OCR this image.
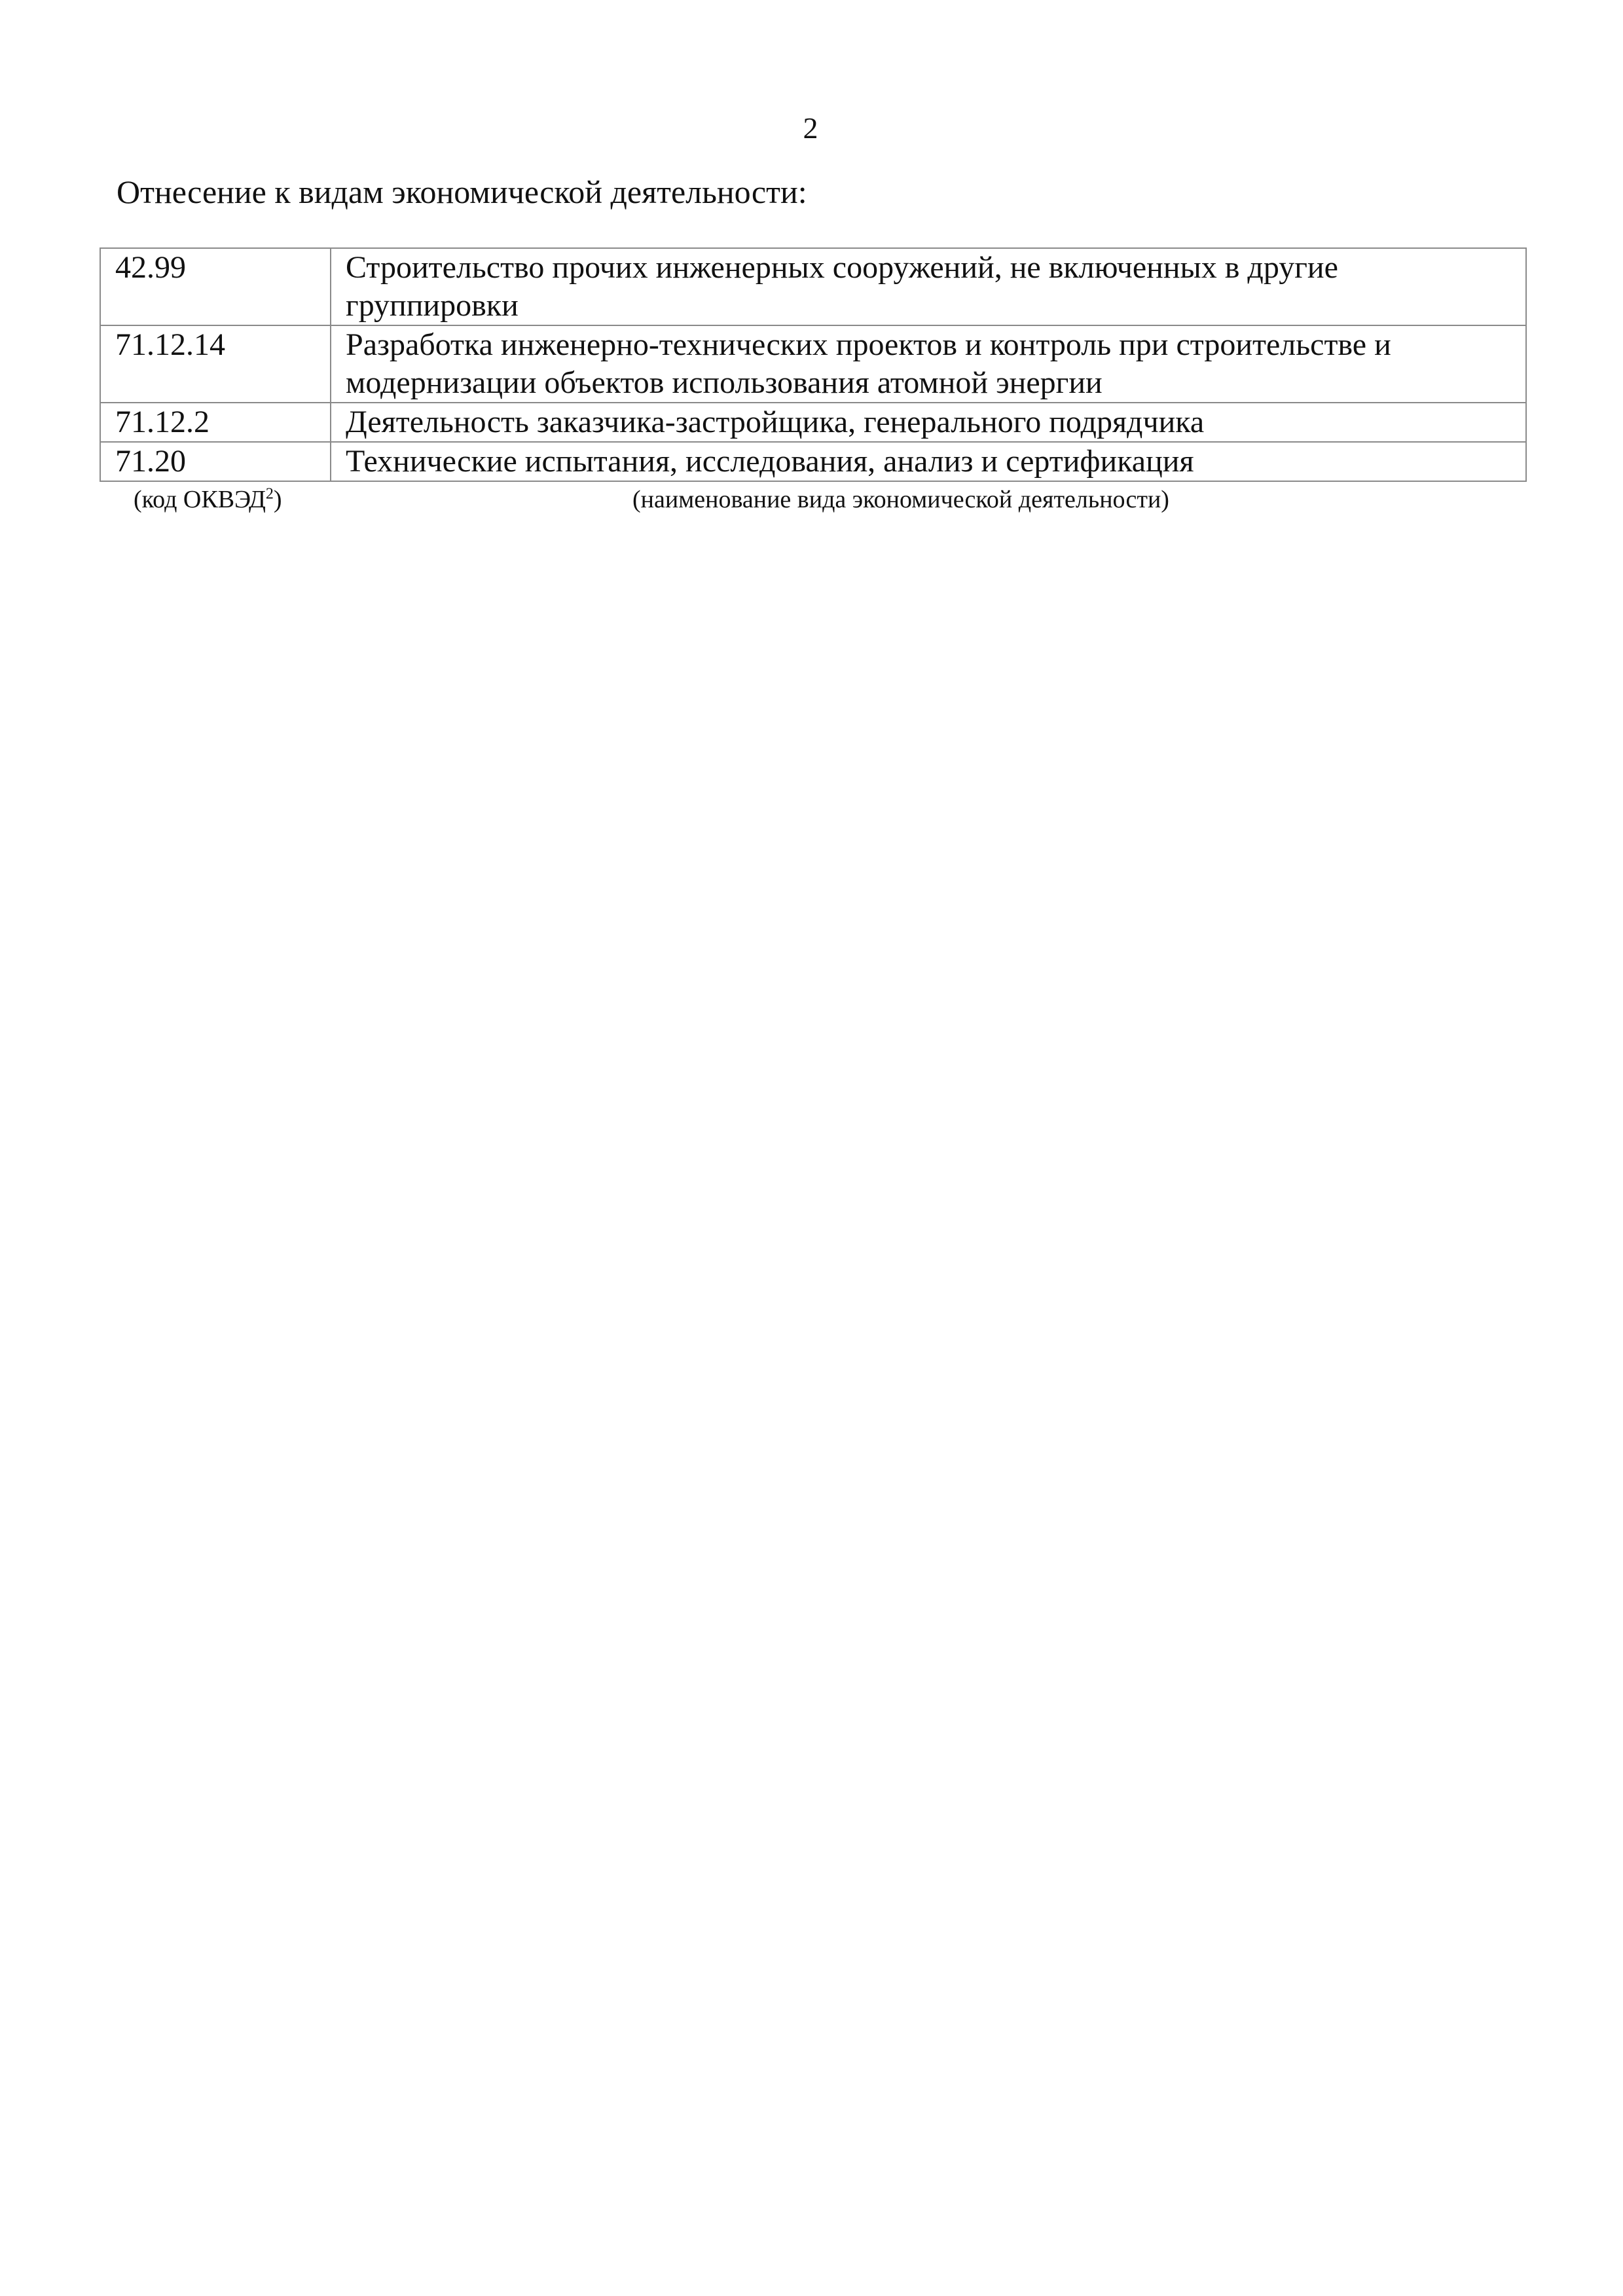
2
Отнесение к видам экономической деятельности:
42.99	Строительство прочих инженерных сооружений, не включенных в другие
группировки

71.12.14	Разработка инженерно-технических проектов и контроль при строительстве и
модернизации объектов использования атомной энергии

71.12.2	Деятельность заказчика-застройщика, генерального подрядчика

71.20	Технические испытания, исследования, анализ и сертификация
(код ОКВЭД$^2$)	(наименование вида экономической деятельности)
